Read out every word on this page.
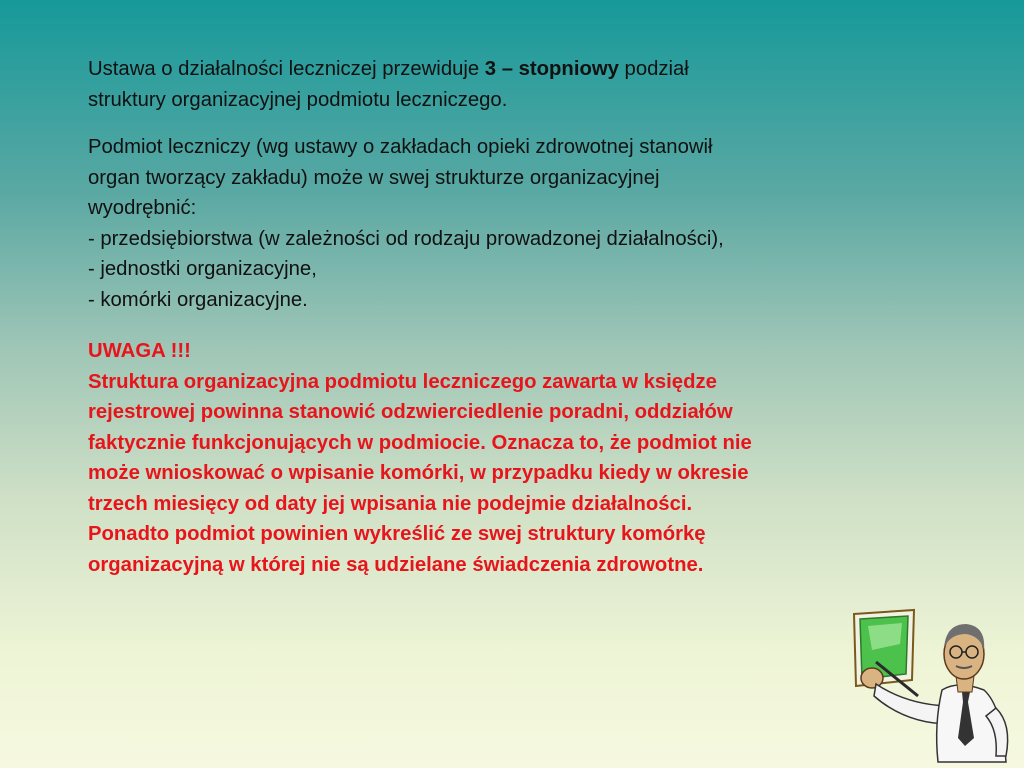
Ustawa o działalności leczniczej przewiduje 3 – stopniowy podział
struktury organizacyjnej podmiotu leczniczego.
Podmiot leczniczy (wg ustawy o zakładach opieki zdrowotnej stanowił
organ tworzący zakładu) może w swej strukturze organizacyjnej
wyodrębnić:
- przedsiębiorstwa (w zależności od rodzaju prowadzonej działalności),
- jednostki organizacyjne,
- komórki organizacyjne.
UWAGA !!!
Struktura organizacyjna podmiotu leczniczego zawarta w księdze
rejestrowej powinna stanowić odzwierciedlenie poradni, oddziałów
faktycznie funkcjonujących w podmiocie. Oznacza to, że podmiot nie
może wnioskować o wpisanie komórki, w przypadku kiedy w okresie
trzech miesięcy od daty jej wpisania nie podejmie działalności.
Ponadto podmiot powinien wykreślić ze swej struktury komórkę
organizacyjną w której nie są udzielane świadczenia zdrowotne.
